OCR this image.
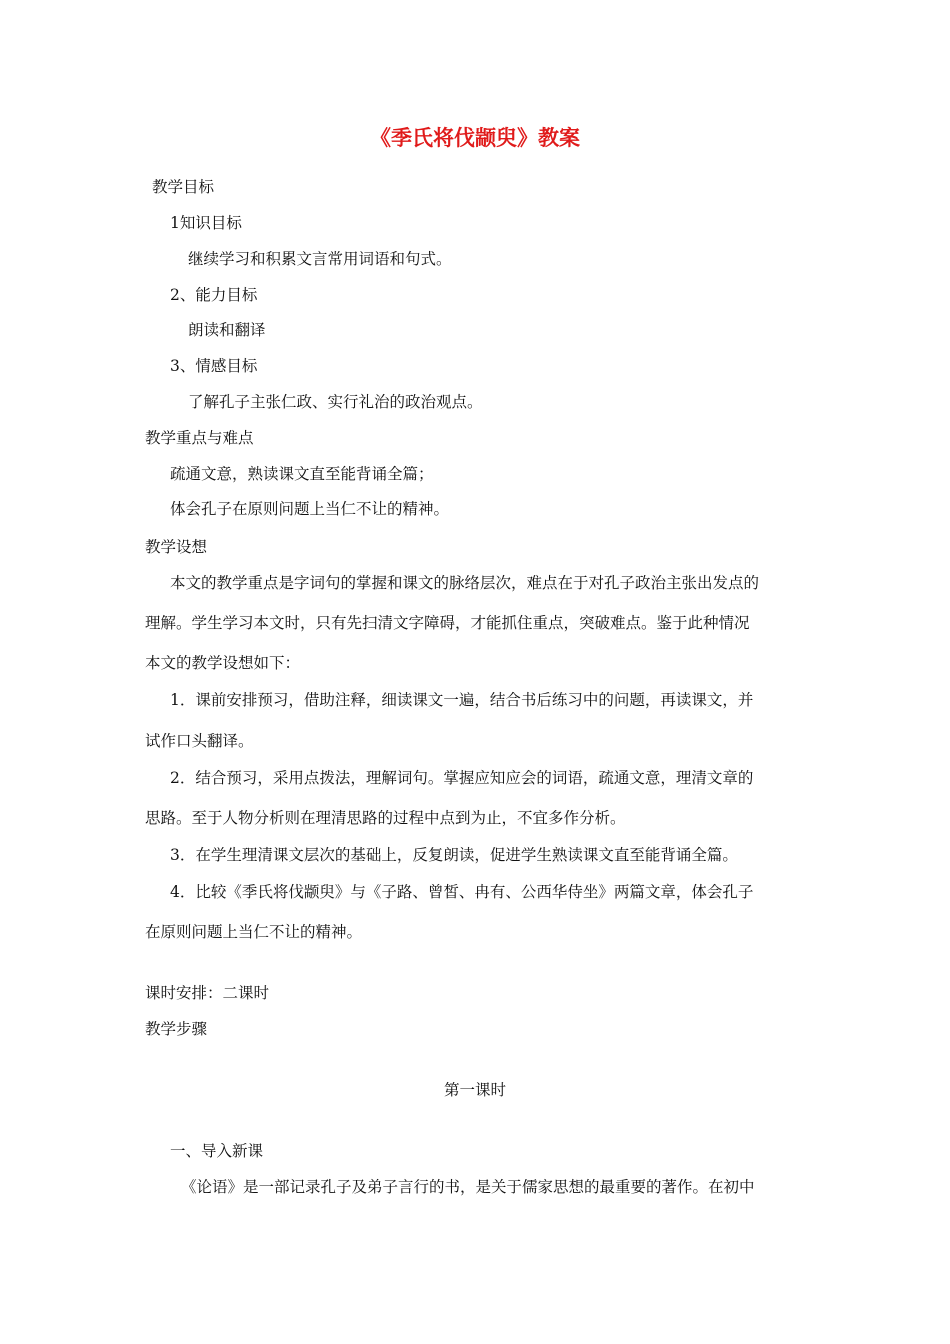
《季氏将伐颛臾》教案
教学目标
1知识目标
继续学习和积累文言常用词语和句式。
2、能力目标
朗读和翻译
3、情感目标
了解孔子主张仁政、实行礼治的政治观点。
教学重点与难点
疏通文意，熟读课文直至能背诵全篇；
体会孔子在原则问题上当仁不让的精神。
教学设想
本文的教学重点是字词句的掌握和课文的脉络层次，难点在于对孔子政治主张出发点的
理解。学生学习本文时，只有先扫清文字障碍，才能抓住重点，突破难点。鉴于此种情况
本文的教学设想如下：
1．课前安排预习，借助注释，细读课文一遍，结合书后练习中的问题，再读课文，并
试作口头翻译。
2．结合预习，采用点拨法，理解词句。掌握应知应会的词语，疏通文意，理清文章的
思路。至于人物分析则在理清思路的过程中点到为止，不宜多作分析。
3．在学生理清课文层次的基础上，反复朗读，促进学生熟读课文直至能背诵全篇。
4．比较《季氏将伐颛臾》与《子路、曾皙、冉有、公西华侍坐》两篇文章，体会孔子
在原则问题上当仁不让的精神。
课时安排：二课时
教学步骤
第一课时
一、导入新课
《论语》是一部记录孔子及弟子言行的书，是关于儒家思想的最重要的著作。在初中
